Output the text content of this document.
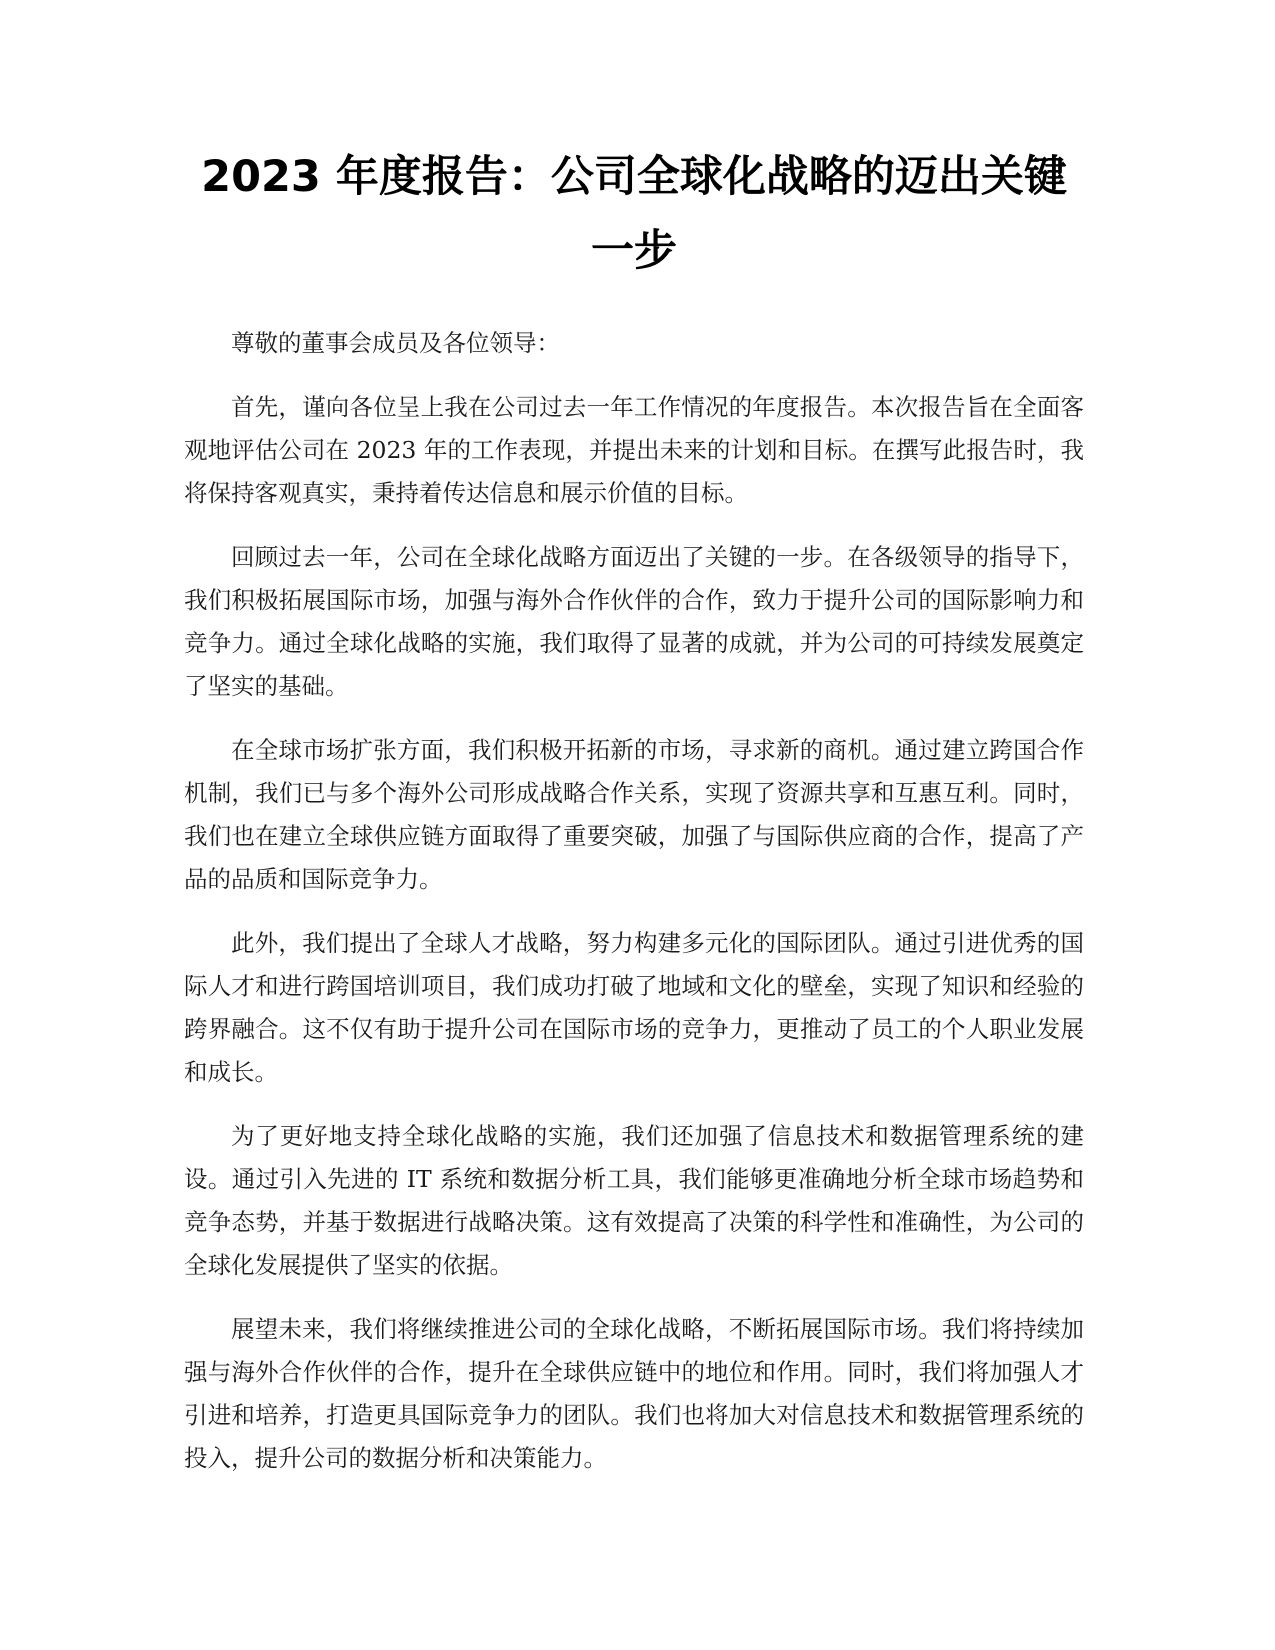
2023 年度报告：公司全球化战略的迈出关键
一步

尊敬的董事会成员及各位领导：

首先，谨向各位呈上我在公司过去一年工作情况的年度报告。本次报告旨在全面客观地评估公司在 2023 年的工作表现，并提出未来的计划和目标。在撰写此报告时，我将保持客观真实，秉持着传达信息和展示价值的目标。

回顾过去一年，公司在全球化战略方面迈出了关键的一步。在各级领导的指导下，我们积极拓展国际市场，加强与海外合作伙伴的合作，致力于提升公司的国际影响力和竞争力。通过全球化战略的实施，我们取得了显著的成就，并为公司的可持续发展奠定了坚实的基础。

在全球市场扩张方面，我们积极开拓新的市场，寻求新的商机。通过建立跨国合作机制，我们已与多个海外公司形成战略合作关系，实现了资源共享和互惠互利。同时，我们也在建立全球供应链方面取得了重要突破，加强了与国际供应商的合作，提高了产品的品质和国际竞争力。

此外，我们提出了全球人才战略，努力构建多元化的国际团队。通过引进优秀的国际人才和进行跨国培训项目，我们成功打破了地域和文化的壁垒，实现了知识和经验的跨界融合。这不仅有助于提升公司在国际市场的竞争力，更推动了员工的个人职业发展和成长。

为了更好地支持全球化战略的实施，我们还加强了信息技术和数据管理系统的建设。通过引入先进的 IT 系统和数据分析工具，我们能够更准确地分析全球市场趋势和竞争态势，并基于数据进行战略决策。这有效提高了决策的科学性和准确性，为公司的全球化发展提供了坚实的依据。

展望未来，我们将继续推进公司的全球化战略，不断拓展国际市场。我们将持续加强与海外合作伙伴的合作，提升在全球供应链中的地位和作用。同时，我们将加强人才引进和培养，打造更具国际竞争力的团队。我们也将加大对信息技术和数据管理系统的投入，提升公司的数据分析和决策能力。
